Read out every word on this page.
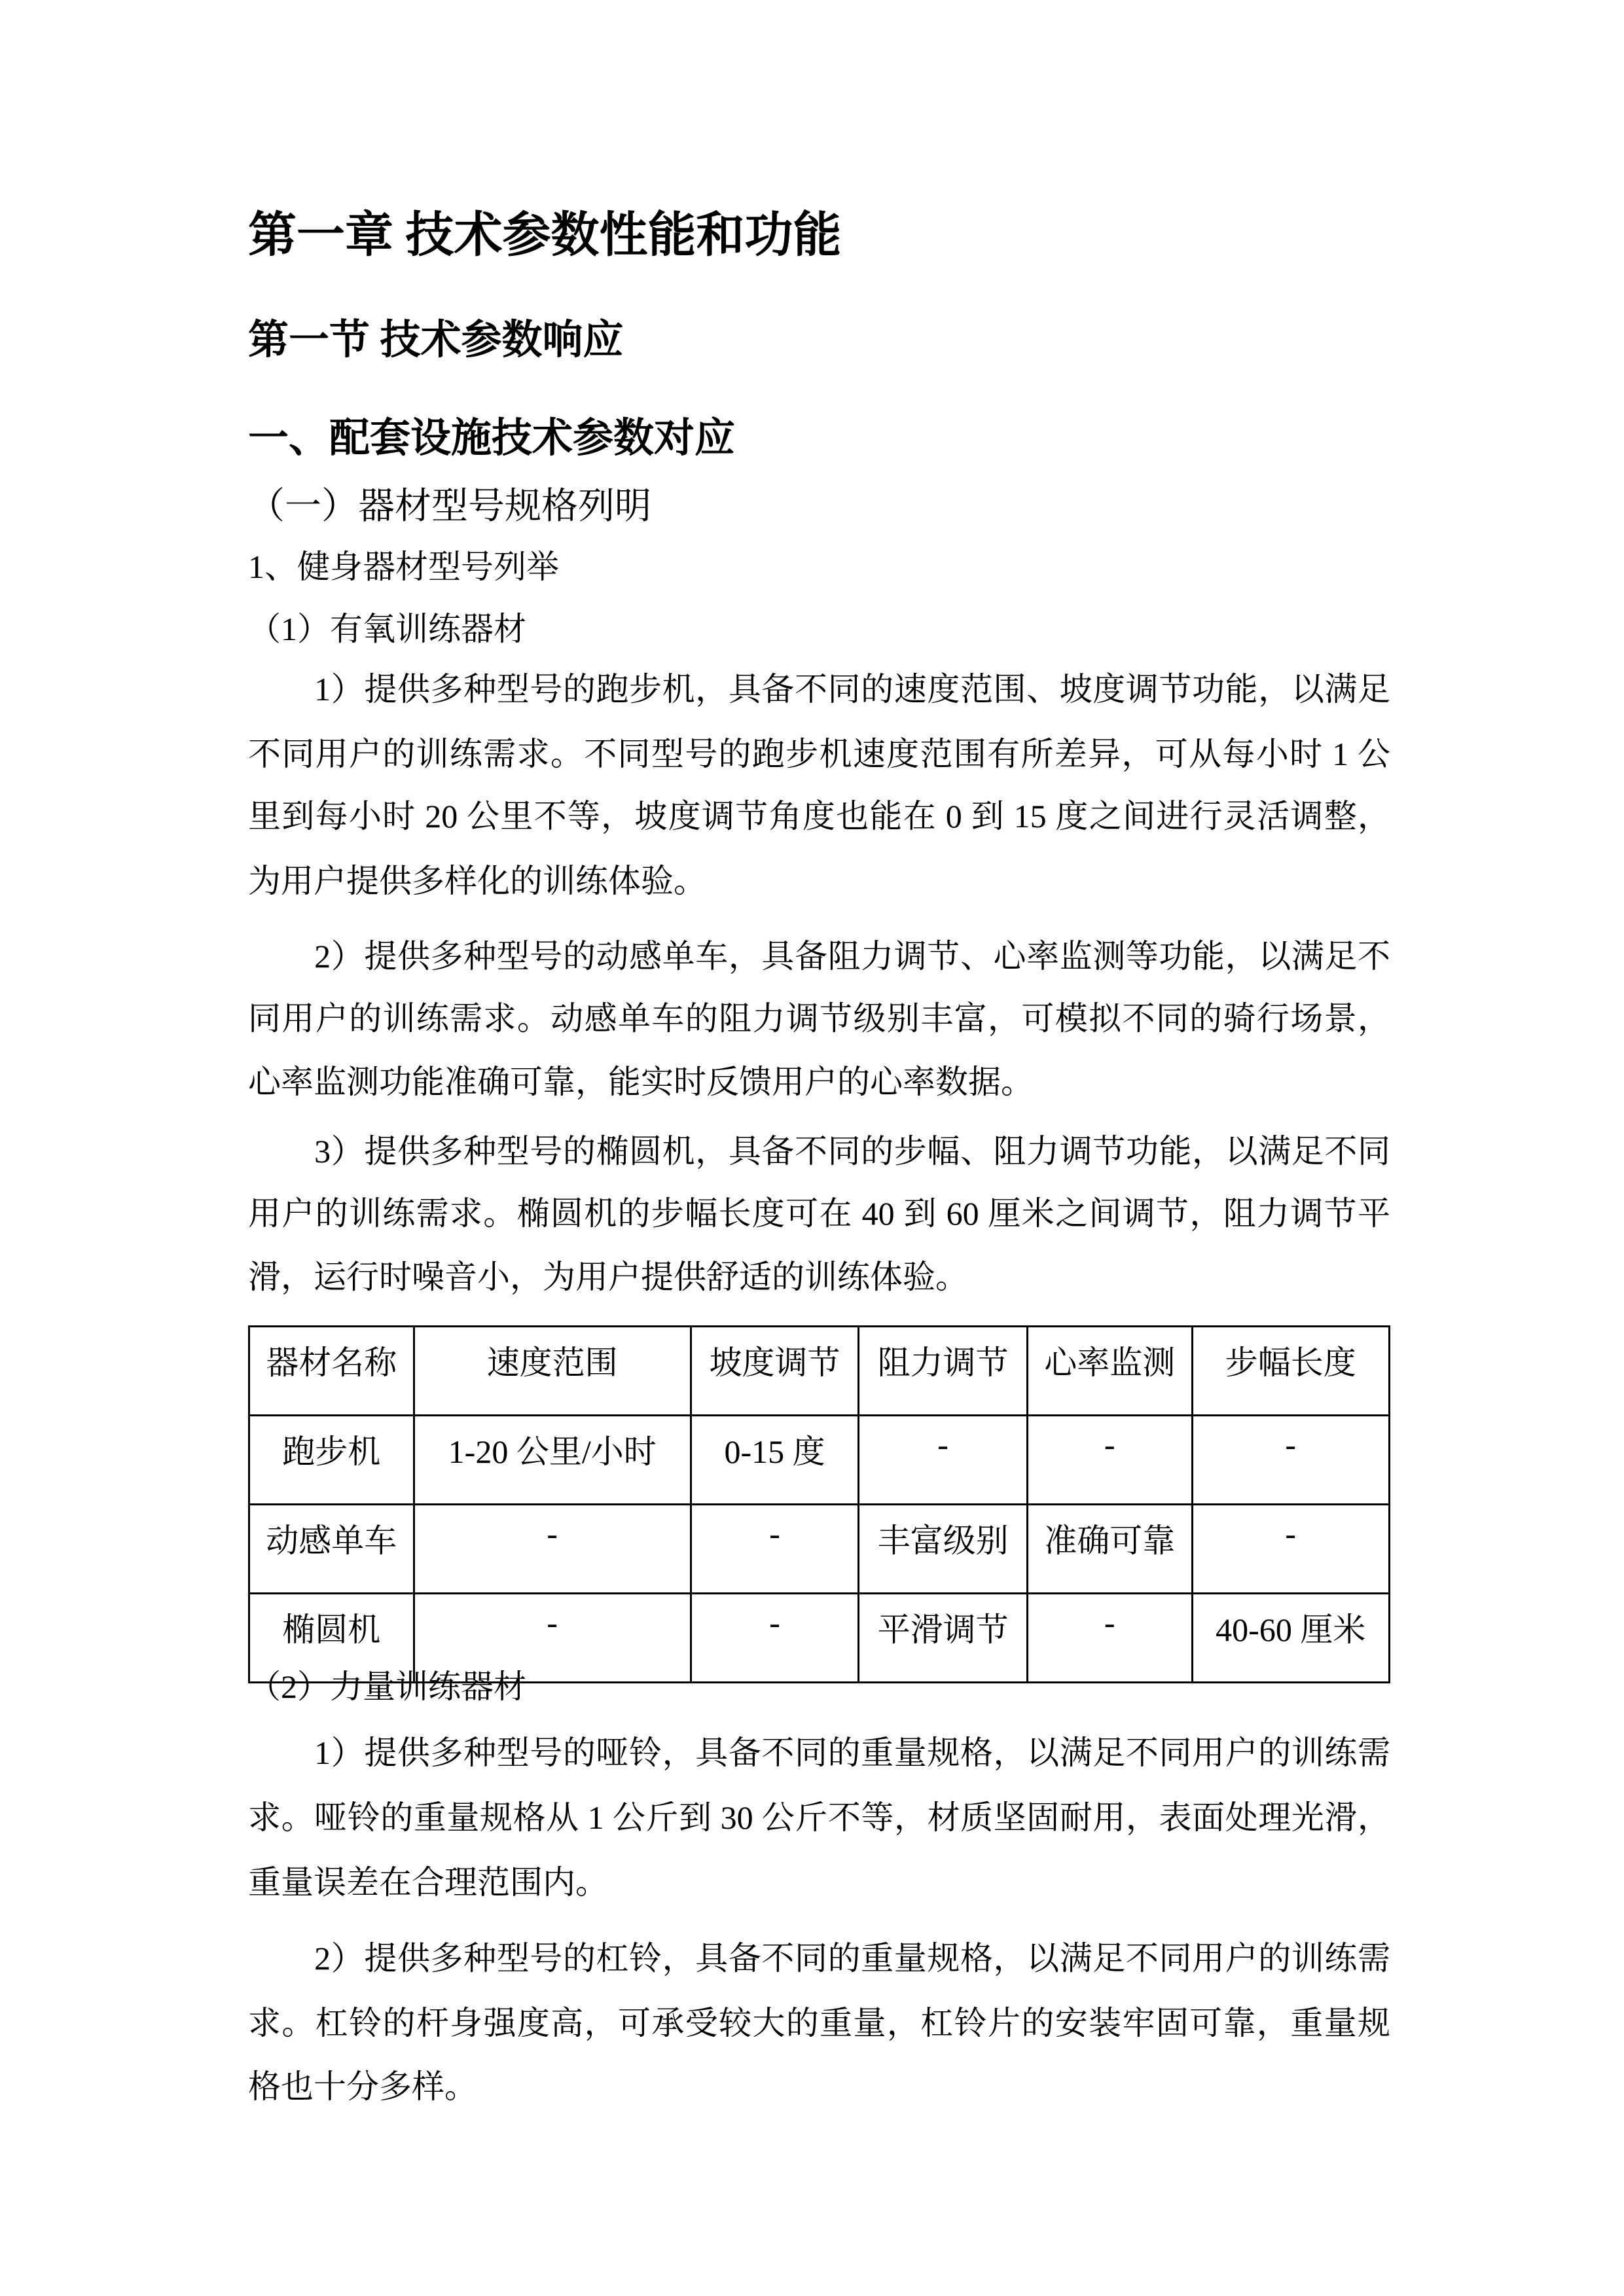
第一章 技术参数性能和功能
第一节 技术参数响应
一、配套设施技术参数对应
（一）器材型号规格列明
1、健身器材型号列举
（1）有氧训练器材
　　1）提供多种型号的跑步机，具备不同的速度范围、坡度调节功能，以满足
不同用户的训练需求。不同型号的跑步机速度范围有所差异，可从每小时 1 公
里到每小时 20 公里不等，坡度调节角度也能在 0 到 15 度之间进行灵活调整，
为用户提供多样化的训练体验。
　　2）提供多种型号的动感单车，具备阻力调节、心率监测等功能，以满足不
同用户的训练需求。动感单车的阻力调节级别丰富，可模拟不同的骑行场景，
心率监测功能准确可靠，能实时反馈用户的心率数据。
　　3）提供多种型号的椭圆机，具备不同的步幅、阻力调节功能，以满足不同
用户的训练需求。椭圆机的步幅长度可在 40 到 60 厘米之间调节，阻力调节平
滑，运行时噪音小，为用户提供舒适的训练体验。
器材名称	速度范围	坡度调节	阻力调节	心率监测	步幅长度
跑步机	1-20 公里/小时	0-15 度	-	-	-
动感单车	-	-	丰富级别	准确可靠	-
椭圆机	-	-	平滑调节	-	40-60 厘米
（2）力量训练器材
　　1）提供多种型号的哑铃，具备不同的重量规格，以满足不同用户的训练需
求。哑铃的重量规格从 1 公斤到 30 公斤不等，材质坚固耐用，表面处理光滑，
重量误差在合理范围内。
　　2）提供多种型号的杠铃，具备不同的重量规格，以满足不同用户的训练需
求。杠铃的杆身强度高，可承受较大的重量，杠铃片的安装牢固可靠，重量规
格也十分多样。
